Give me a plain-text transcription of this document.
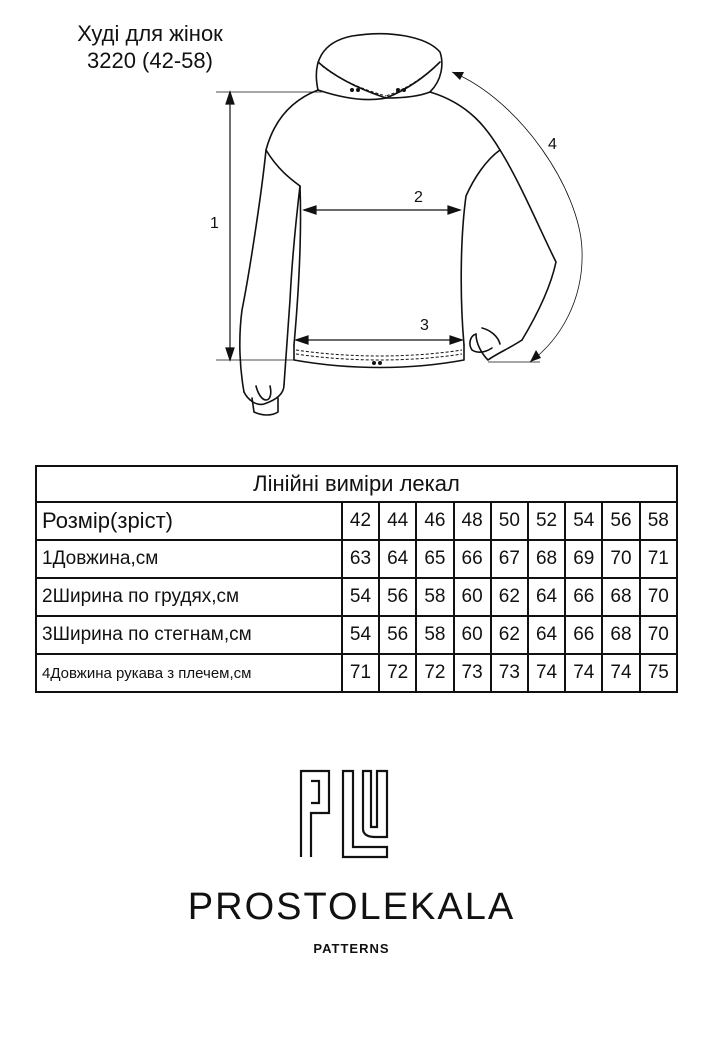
Худі для жінок
3220 (42-58)
1
2
3
4
Лінійні виміри лекал									
Розмір(зріст)	42	44	46	48	50	52	54	56	58
1Довжина,см	63	64	65	66	67	68	69	70	71
2Ширина по грудях,см	54	56	58	60	62	64	66	68	70
3Ширина по стегнам,см	54	56	58	60	62	64	66	68	70
4Довжина рукава з плечем,см	71	72	72	73	73	74	74	74	75
PROSTOLEKALA
PATTERNS
